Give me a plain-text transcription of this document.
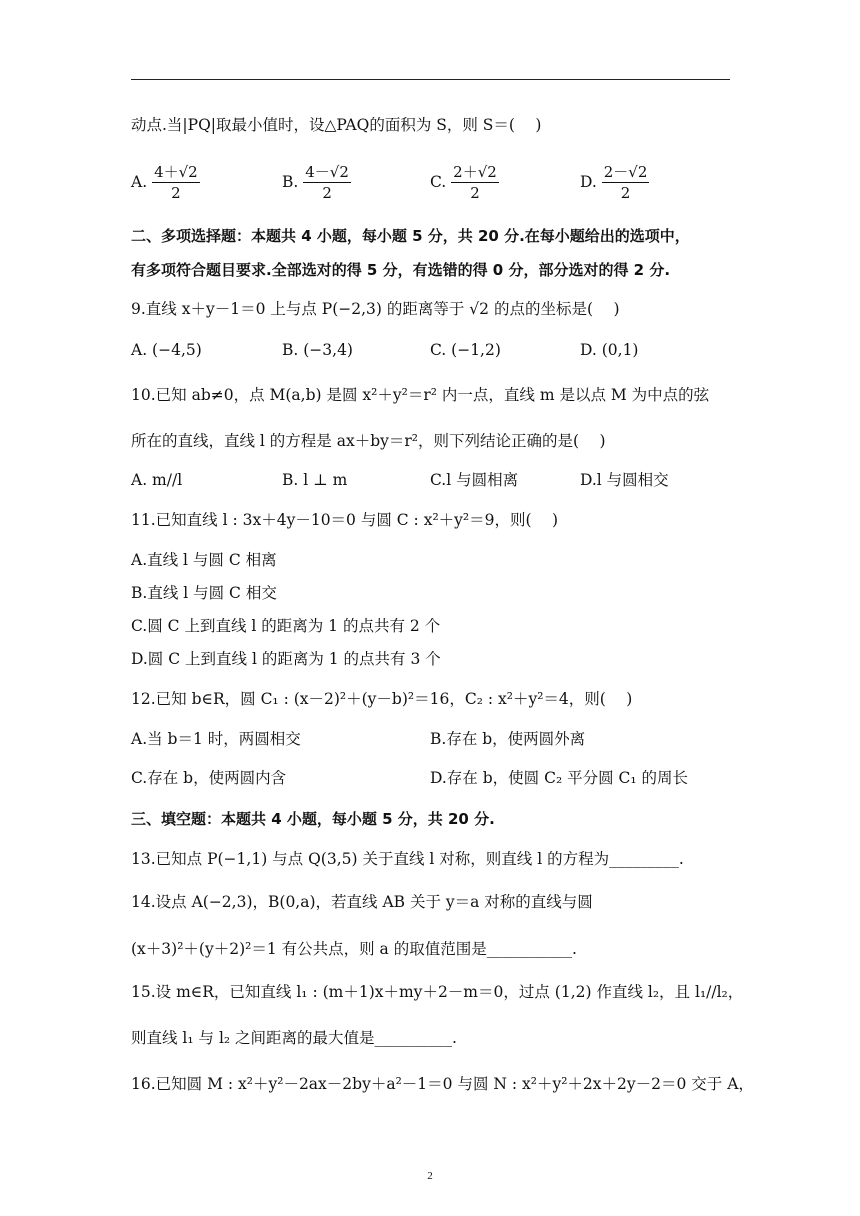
动点.当|PQ|取最小值时，设△PAQ的面积为 S，则 S＝(　 )
二、多项选择题：本题共 4 小题，每小题 5 分，共 20 分.在每小题给出的选项中，
有多项符合题目要求.全部选对的得 5 分，有选错的得 0 分，部分选对的得 2 分.
9.直线 x＋y－1＝0 上与点 P(−2,3) 的距离等于 √2 的点的坐标是(　 )
10.已知 ab≠0，点 M(a,b) 是圆 x²＋y²＝r² 内一点，直线 m 是以点 M 为中点的弦
所在的直线，直线 l 的方程是 ax＋by＝r²，则下列结论正确的是(　 )
11.已知直线 l : 3x＋4y－10＝0 与圆 C : x²＋y²＝9，则(　 )
A.直线 l 与圆 C 相离
B.直线 l 与圆 C 相交
C.圆 C 上到直线 l 的距离为 1 的点共有 2 个
D.圆 C 上到直线 l 的距离为 1 的点共有 3 个
12.已知 b∈R，圆 C₁ : (x－2)²＋(y－b)²＝16，C₂ : x²＋y²＝4，则(　 )
三、填空题：本题共 4 小题，每小题 5 分，共 20 分.
13.已知点 P(−1,1) 与点 Q(3,5) 关于直线 l 对称，则直线 l 的方程为_________.
14.设点 A(−2,3)，B(0,a)，若直线 AB 关于 y＝a 对称的直线与圆
(x＋3)²＋(y＋2)²＝1 有公共点，则 a 的取值范围是___________.
15.设 m∈R，已知直线 l₁ : (m＋1)x＋my＋2－m＝0，过点 (1,2) 作直线 l₂，且 l₁//l₂，
则直线 l₁ 与 l₂ 之间距离的最大值是__________.
16.已知圆 M : x²＋y²－2ax－2by＋a²－1＝0 与圆 N : x²＋y²＋2x＋2y－2＝0 交于 A，
A. $\frac{4+√2}{2}$	B. $\frac{4-√2}{2}$	C. $\frac{2+√2}{2}$	D. $\frac{2-√2}{2}$
A. (−4,5)	B. (−3,4)	C. (−1,2)	D. (0,1)
A. m//l	B. l ⊥ m	C.l 与圆相离	D.l 与圆相交
A.当 b＝1 时，两圆相交	B.存在 b，使两圆外离
C.存在 b，使两圆内含	D.存在 b，使圆 C₂ 平分圆 C₁ 的周长
2
